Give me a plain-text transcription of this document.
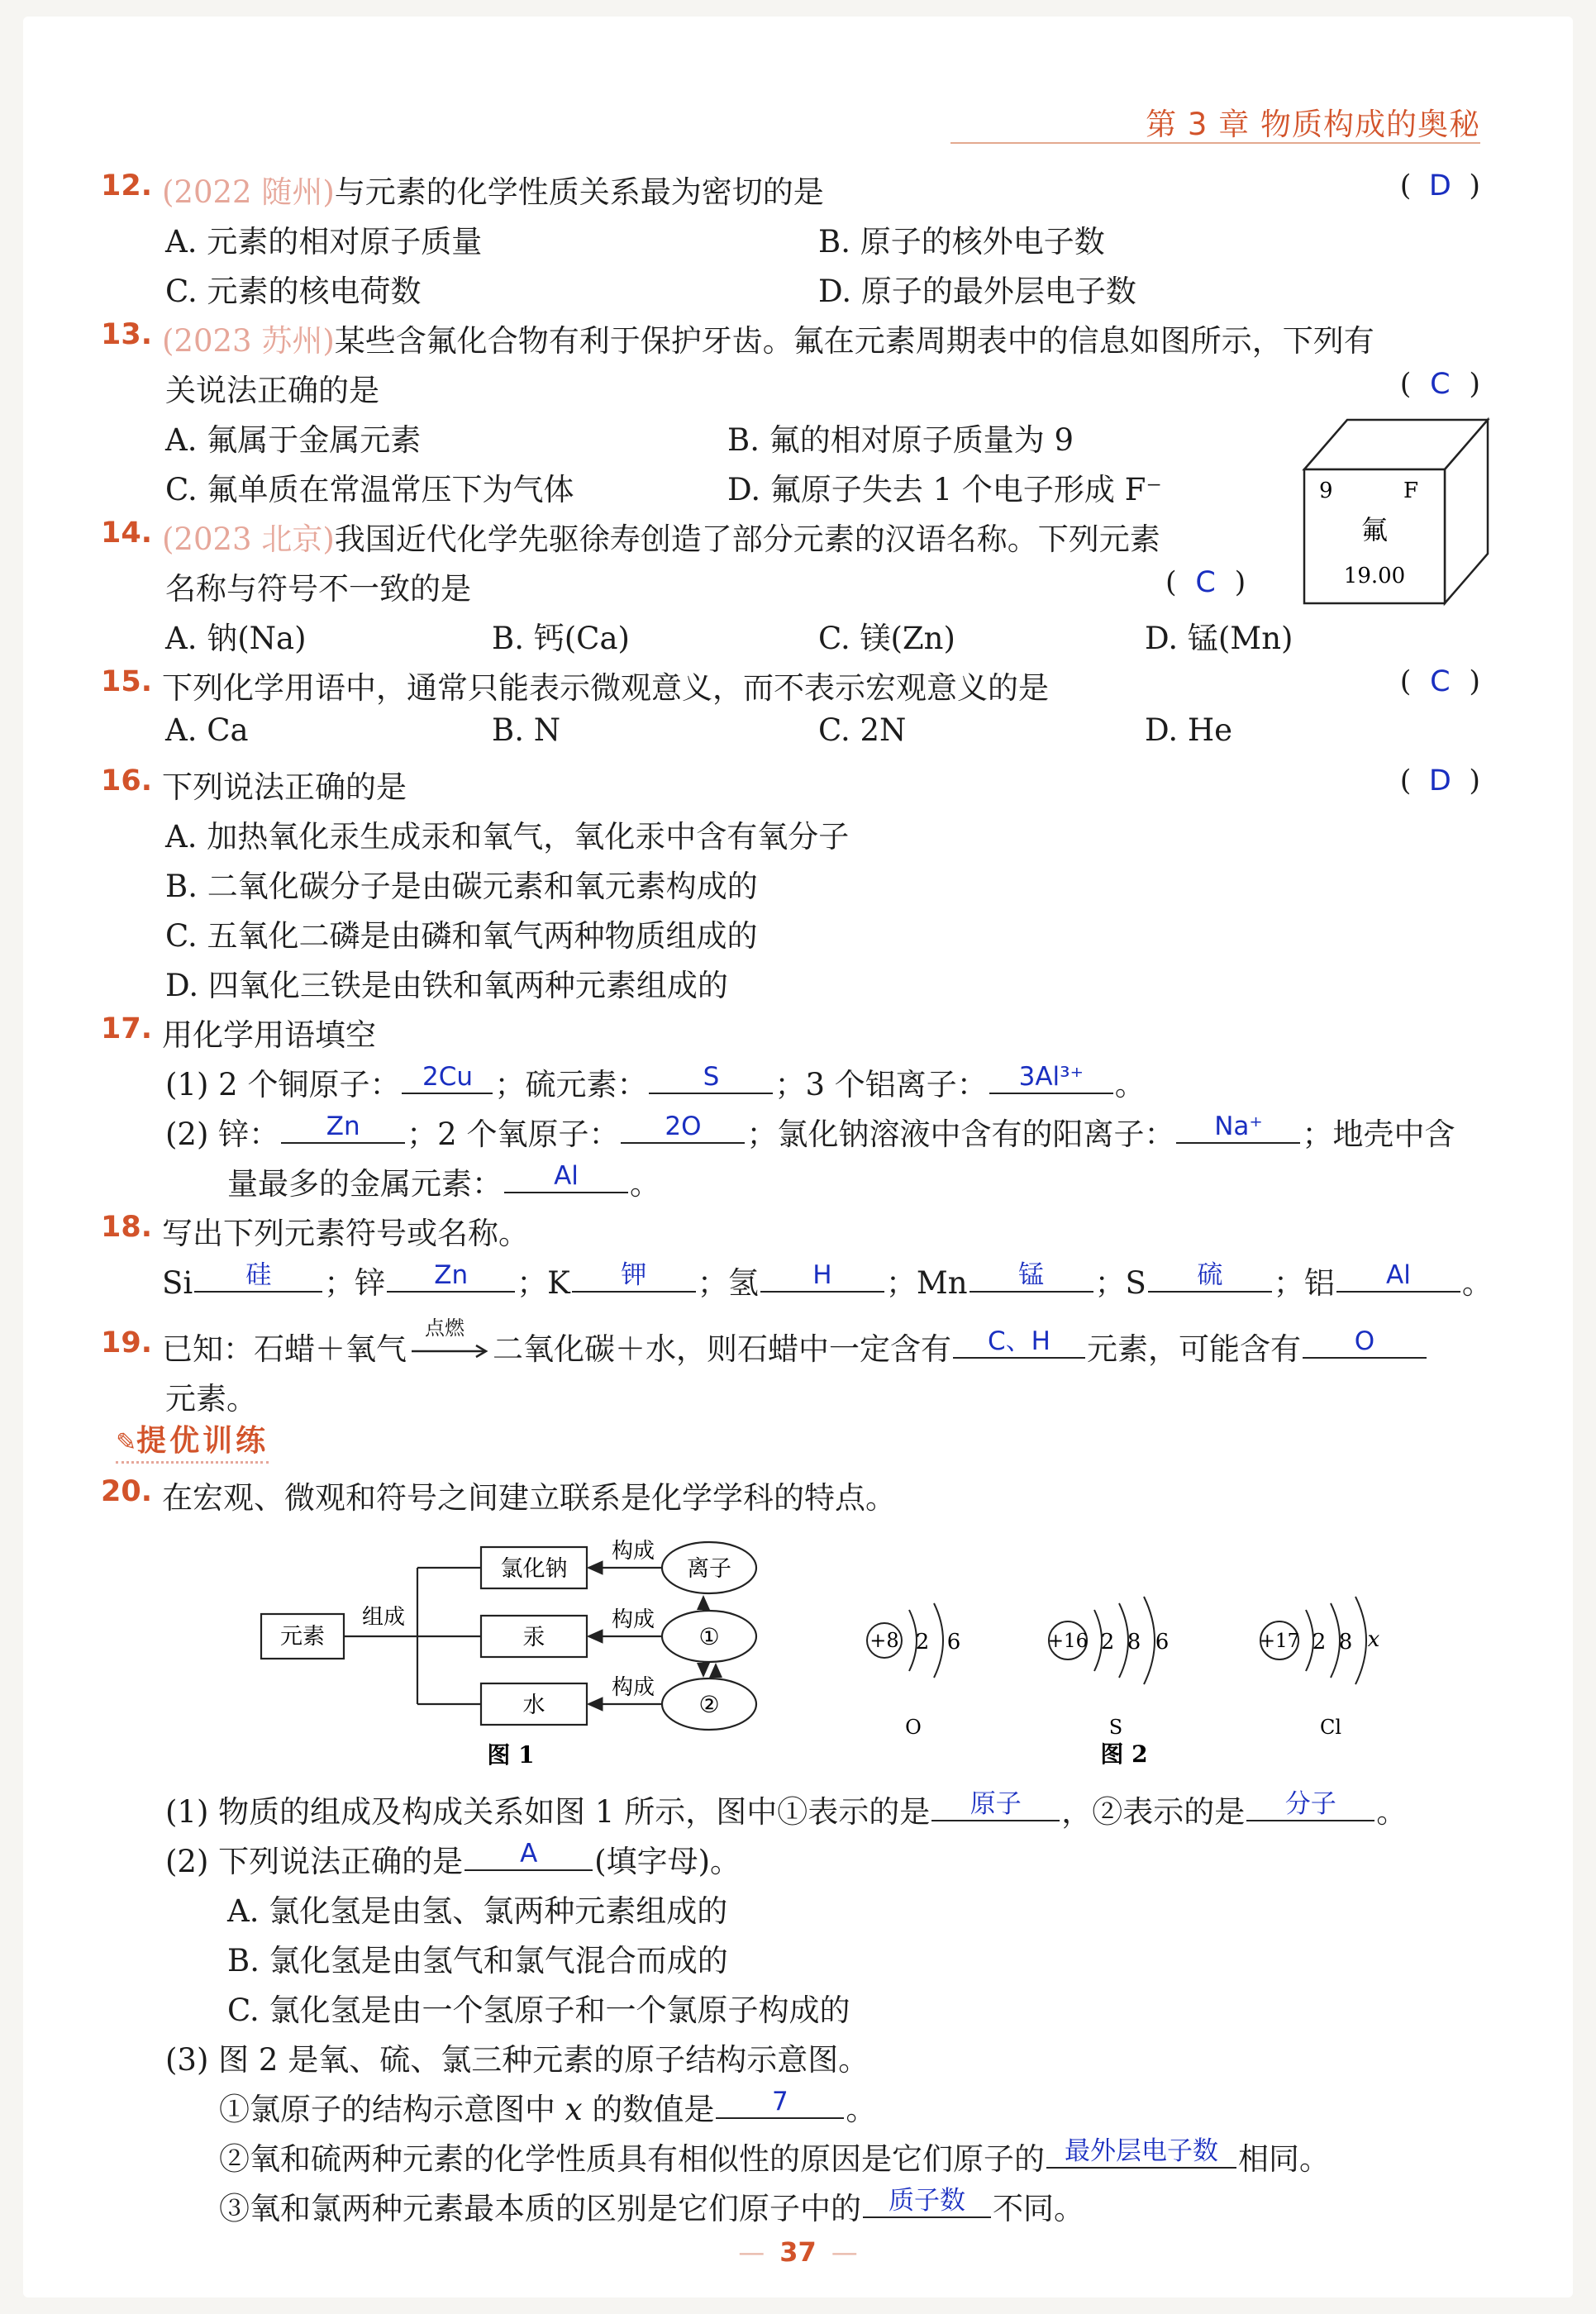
第 3 章 物质构成的奥秘
12. (2022 随州)与元素的化学性质关系最为密切的是	( D )
A. 元素的相对原子质量	B. 原子的核外电子数
C. 元素的核电荷数	D. 原子的最外层电子数
13. (2023 苏州)某些含氟化合物有利于保护牙齿。氟在元素周期表中的信息如图所示，下列有
关说法正确的是	( C )
A. 氟属于金属元素	B. 氟的相对原子质量为 9
C. 氟单质在常温常压下为气体	D. 氟原子失去 1 个电子形成 F⁻	9	F
氟
19.00
14. (2023 北京)我国近代化学先驱徐寿创造了部分元素的汉语名称。下列元素
名称与符号不一致的是	( C )
A. 钠(Na)	B. 钙(Ca)	C. 镁(Zn)	D. 锰(Mn)
15. 下列化学用语中，通常只能表示微观意义，而不表示宏观意义的是	( C )
A. Ca	B. N	C. 2N	D. He
16. 下列说法正确的是	( D )
A. 加热氧化汞生成汞和氧气，氧化汞中含有氧分子
B. 二氧化碳分子是由碳元素和氧元素构成的
C. 五氧化二磷是由磷和氧气两种物质组成的
D. 四氧化三铁是由铁和氧两种元素组成的
17. 用化学用语填空
(1) 2 个铜原子： 2Cu ；硫元素： S ；3 个铝离子： 3Al³⁺ 。
(2) 锌： Zn ；2 个氧原子： 2O ；氯化钠溶液中含有的阳离子： Na⁺ ；地壳中含
量最多的金属元素： Al 。
18. 写出下列元素符号或名称。
Si 硅 ；锌 Zn ；K 钾 ；氢 H ；Mn 锰 ；S 硫 ；铝 Al 。
19. 已知：石蜡＋氧气
点燃
二氧化碳＋水，则石蜡中一定含有 C、H 元素，可能含有 O
元素。
✎提优训练
20. 在宏观、微观和符号之间建立联系是化学学科的特点。
元素
组成
氯化钠
汞
水
构成
构成
构成
离子
①
②
图 1
+8 2 6
O
+16 2 8 6
S
+17 2 8 x
Cl
图 2
(1) 物质的组成及构成关系如图 1 所示，图中①表示的是 原子 ，②表示的是 分子 。
(2) 下列说法正确的是 A (填字母)。
A. 氯化氢是由氢、氯两种元素组成的
B. 氯化氢是由氢气和氯气混合而成的
C. 氯化氢是由一个氢原子和一个氯原子构成的
(3) 图 2 是氧、硫、氯三种元素的原子结构示意图。
①氯原子的结构示意图中 x 的数值是 7 。
②氧和硫两种元素的化学性质具有相似性的原因是它们原子的 最外层电子数 相同。
③氧和氯两种元素最本质的区别是它们原子中的 质子数 不同。
— 37 —
